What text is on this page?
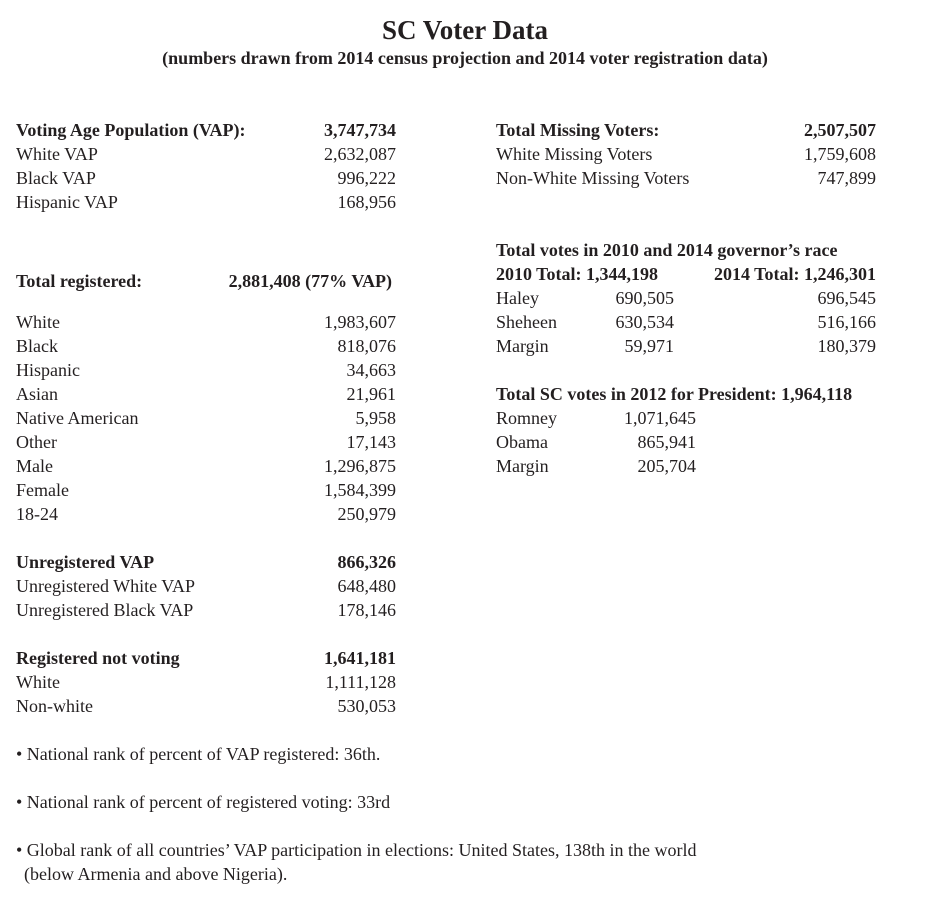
SC Voter Data
(numbers drawn from 2014 census projection and 2014 voter registration data)
Voting Age Population (VAP):	3,747,734
White VAP	2,632,087
Black VAP	996,222
Hispanic VAP	168,956
Total registered:	2,881,408 (77% VAP)
White	1,983,607
Black	818,076
Hispanic	34,663
Asian	21,961
Native American	5,958
Other	17,143
Male	1,296,875
Female	1,584,399
18-24	250,979
Unregistered VAP	866,326
Unregistered White VAP	648,480
Unregistered Black VAP	178,146
Registered not voting	1,641,181
White	1,111,128
Non-white	530,053
Total Missing Voters:	2,507,507
White Missing Voters	1,759,608
Non-White Missing Voters	747,899
Total votes in 2010 and 2014 governor’s race
2010 Total: 1,344,198	2014 Total: 1,246,301
Haley	690,505	696,545
Sheheen	630,534	516,166
Margin	59,971	180,379
Total SC votes in 2012 for President: 1,964,118
Romney	1,071,645
Obama	865,941
Margin	205,704
• National rank of percent of VAP registered: 36th.
• National rank of percent of registered voting: 33rd
• Global rank of all countries’ VAP participation in elections: United States, 138th in the world
(below Armenia and above Nigeria).
